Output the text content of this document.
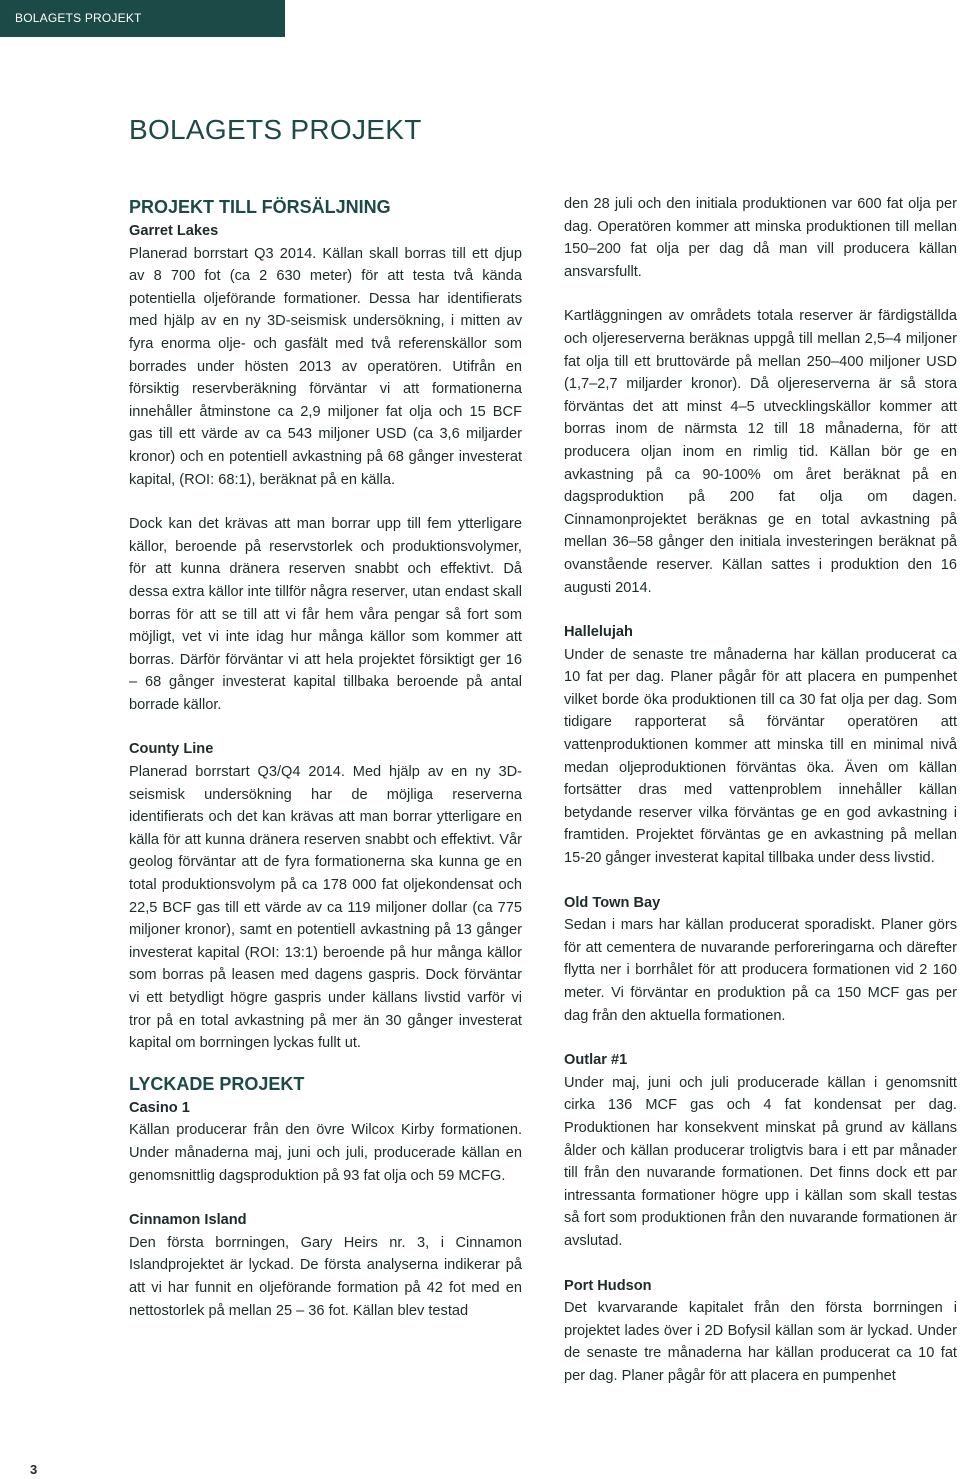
BOLAGETS PROJEKT
BOLAGETS PROJEKT
PROJEKT TILL FÖRSÄLJNING

Garret Lakes

Planerad borrstart Q3 2014. Källan skall borras till ett djup av 8 700 fot (ca 2 630 meter) för att testa två kända potentiella oljeförande formationer. Dessa har identifierats med hjälp av en ny 3D-seismisk undersökning, i mitten av fyra enorma olje- och gasfält med två referenskällor som borrades under hösten 2013 av operatören. Utifrån en försiktig reservberäkning förväntar vi att formationerna innehåller åtminstone ca 2,9 miljoner fat olja och 15 BCF gas till ett värde av ca 543 miljoner USD (ca 3,6 miljarder kronor) och en potentiell avkastning på 68 gånger investerat kapital, (ROI: 68:1), beräknat på en källa.

Dock kan det krävas att man borrar upp till fem ytterligare källor, beroende på reservstorlek och produktionsvolymer, för att kunna dränera reserven snabbt och effektivt. Då dessa extra källor inte tillför några reserver, utan endast skall borras för att se till att vi får hem våra pengar så fort som möjligt, vet vi inte idag hur många källor som kommer att borras. Därför förväntar vi att hela projektet försiktigt ger 16 – 68 gånger investerat kapital tillbaka beroende på antal borrade källor.

County Line

Planerad borrstart Q3/Q4 2014. Med hjälp av en ny 3D-seismisk undersökning har de möjliga reserverna identifierats och det kan krävas att man borrar ytterligare en källa för att kunna dränera reserven snabbt och effektivt. Vår geolog förväntar att de fyra formationerna ska kunna ge en total produktionsvolym på ca 178 000 fat oljekondensat och 22,5 BCF gas till ett värde av ca 119 miljoner dollar (ca 775 miljoner kronor), samt en potentiell avkastning på 13 gånger investerat kapital (ROI: 13:1) beroende på hur många källor som borras på leasen med dagens gaspris. Dock förväntar vi ett betydligt högre gaspris under källans livstid varför vi tror på en total avkastning på mer än 30 gånger investerat kapital om borrningen lyckas fullt ut.

LYCKADE PROJEKT

Casino 1

Källan producerar från den övre Wilcox Kirby formationen. Under månaderna maj, juni och juli, producerade källan en genomsnittlig dagsproduktion på 93 fat olja och 59 MCFG.

Cinnamon Island

Den första borrningen, Gary Heirs nr. 3, i Cinnamon Islandprojektet är lyckad. De första analyserna indikerar på att vi har funnit en oljeförande formation på 42 fot med en nettostorlek på mellan 25 – 36 fot. Källan blev testad

den 28 juli och den initiala produktionen var 600 fat olja per dag. Operatören kommer att minska produktionen till mellan 150–200 fat olja per dag då man vill producera källan ansvarsfullt.

Kartläggningen av områdets totala reserver är färdigställda och oljereserverna beräknas uppgå till mellan 2,5–4 miljoner fat olja till ett bruttovärde på mellan 250–400 miljoner USD (1,7–2,7 miljarder kronor). Då oljereserverna är så stora förväntas det att minst 4–5 utvecklingskällor kommer att borras inom de närmsta 12 till 18 månaderna, för att producera oljan inom en rimlig tid. Källan bör ge en avkastning på ca 90-100% om året beräknat på en dagsproduktion på 200 fat olja om dagen. Cinnamonprojektet beräknas ge en total avkastning på mellan 36–58 gånger den initiala investeringen beräknat på ovanstående reserver. Källan sattes i produktion den 16 augusti 2014.

Hallelujah

Under de senaste tre månaderna har källan producerat ca 10 fat per dag. Planer pågår för att placera en pumpenhet vilket borde öka produktionen till ca 30 fat olja per dag. Som tidigare rapporterat så förväntar operatören att vattenproduktionen kommer att minska till en minimal nivå medan oljeproduktionen förväntas öka. Även om källan fortsätter dras med vattenproblem innehåller källan betydande reserver vilka förväntas ge en god avkastning i framtiden. Projektet förväntas ge en avkastning på mellan 15-20 gånger investerat kapital tillbaka under dess livstid.

Old Town Bay

Sedan i mars har källan producerat sporadiskt. Planer görs för att cementera de nuvarande perforeringarna och därefter flytta ner i borrhålet för att producera formationen vid 2 160 meter. Vi förväntar en produktion på ca 150 MCF gas per dag från den aktuella formationen.

Outlar #1

Under maj, juni och juli producerade källan i genomsnitt cirka 136 MCF gas och 4 fat kondensat per dag. Produktionen har konsekvent minskat på grund av källans ålder och källan producerar troligtvis bara i ett par månader till från den nuvarande formationen. Det finns dock ett par intressanta formationer högre upp i källan som skall testas så fort som produktionen från den nuvarande formationen är avslutad.

Port Hudson

Det kvarvarande kapitalet från den första borrningen i projektet lades över i 2D Bofysil källan som är lyckad. Under de senaste tre månaderna har källan producerat ca 10 fat per dag. Planer pågår för att placera en pumpenhet

3
